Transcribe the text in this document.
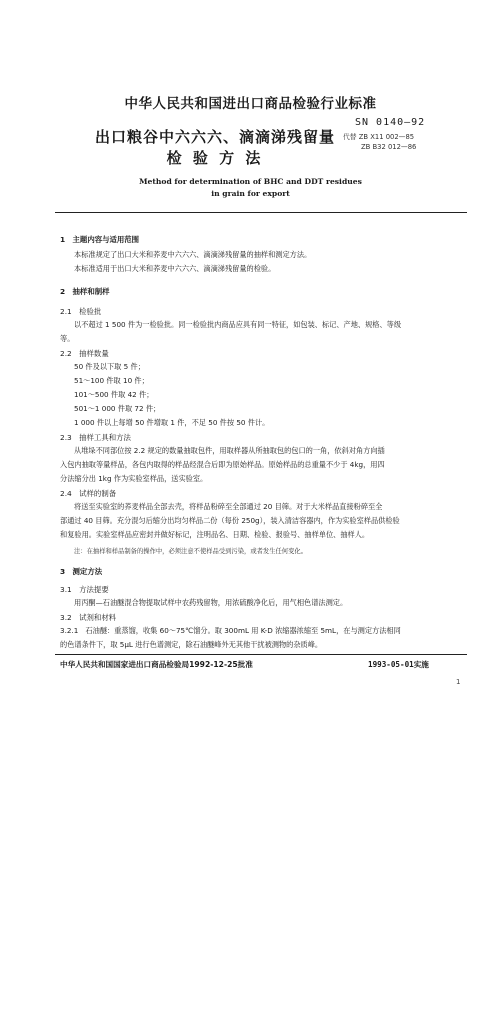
中华人民共和国进出口商品检验行业标准
SN 0140—92
代替 ZB X11 002—85
ZB B32 012—86
出口粮谷中六六六、滴滴涕残留量
检 验 方 法
Method for determination of BHC and DDT residues
in grain for export
1　主题内容与适用范围
本标准规定了出口大米和荞麦中六六六、滴滴涕残留量的抽样和测定方法。
本标准适用于出口大米和荞麦中六六六、滴滴涕残留量的检验。
2　抽样和制样
2.1　检验批
以不超过 1 500 件为一检验批。同一检验批内商品应具有同一特征，如包装、标记、产地、规格、等级
等。
2.2　抽样数量
50 件及以下取 5 件；
51～100 件取 10 件；
101～500 件取 42 件；
501～1 000 件取 72 件；
1 000 件以上每增 50 件增取 1 件，不足 50 件按 50 件计。
2.3　抽样工具和方法
从堆垛不同部位按 2.2 规定的数量抽取包件，用取样器从所抽取包的包口的一角，依斜对角方向插
入包内抽取等量样品，各包内取得的样品经混合后即为原始样品。原始样品的总重量不少于 4kg，用四
分法缩分出 1kg 作为实验室样品，送实验室。
2.4　试样的制备
将送至实验室的荞麦样品全部去壳，将样品粉碎至全部通过 20 目筛。对于大米样品直接粉碎至全
部通过 40 目筛。充分混匀后缩分出均匀样品二份（每份 250g），装入清洁容器内，作为实验室样品供检验
和复验用。实验室样品应密封并做好标记，注明品名、日期、检验、报验号、抽样单位、抽样人。
注：在抽样和样品制备的操作中，必须注意不使样品受到污染，或者发生任何变化。
3　测定方法
3.1　方法提要
用丙酮—石油醚混合物提取试样中农药残留物，用浓硫酸净化后，用气相色谱法测定。
3.2　试剂和材料
3.2.1　石油醚：重蒸馏，收集 60～75℃馏分。取 300mL 用 K-D 浓缩器浓缩至 5mL，在与测定方法相同
的色谱条件下，取 5μL 进行色谱测定，除石油醚峰外无其他干扰被测物的杂质峰。
中华人民共和国国家进出口商品检验局1992-12-25批准	1993-05-01实施
1
